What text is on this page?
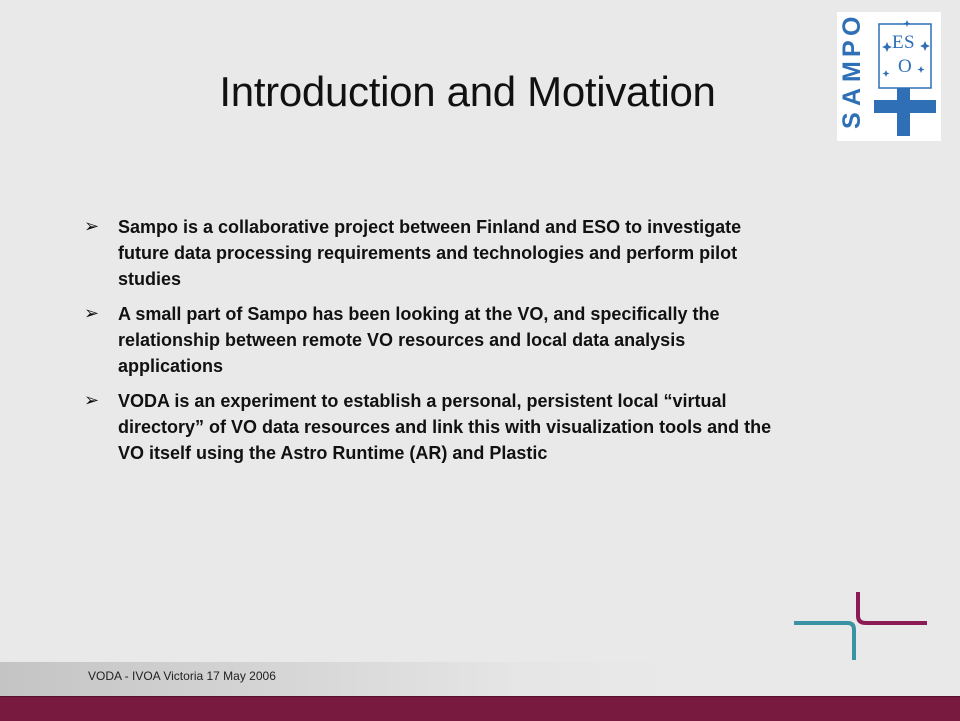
Introduction and Motivation
S
A
M
P
O
E S
O
➢ Sampo is a collaborative project between Finland and ESO to investigate future data processing requirements and technologies and perform pilot studies
➢ A small part of Sampo has been looking at the VO, and specifically the relationship between remote VO resources and local data analysis applications
➢ VODA is an experiment to establish a personal, persistent local “virtual directory” of VO data resources and link this with visualization tools and the VO itself using the Astro Runtime (AR) and Plastic
VODA - IVOA Victoria 17 May 2006
